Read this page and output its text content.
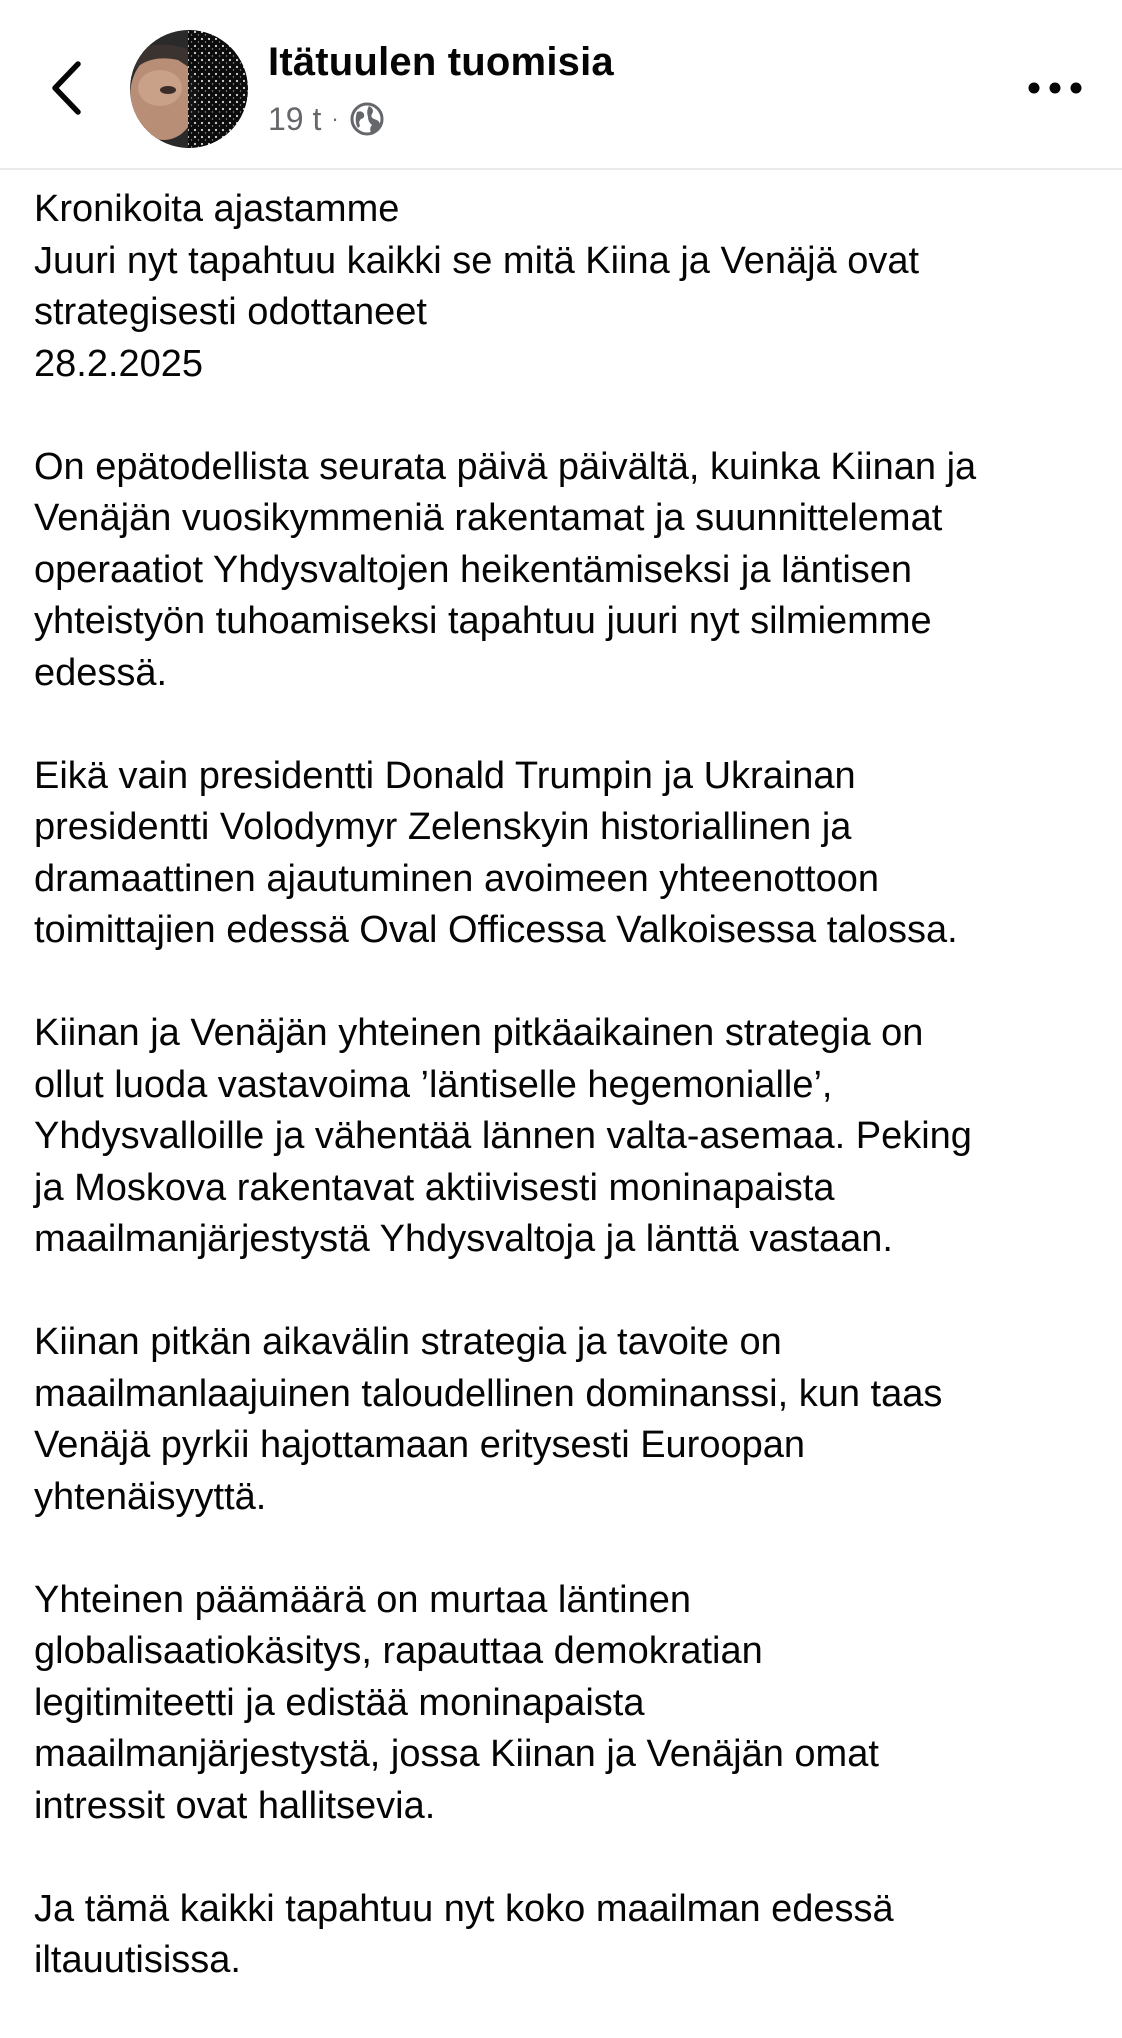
Itätuulen tuomisia
19 t ·

Kronikoita ajastamme
Juuri nyt tapahtuu kaikki se mitä Kiina ja Venäjä ovat
strategisesti odottaneet
28.2.2025

On epätodellista seurata päivä päivältä, kuinka Kiinan ja
Venäjän vuosikymmeniä rakentamat ja suunnittelemat
operaatiot Yhdysvaltojen heikentämiseksi ja läntisen
yhteistyön tuhoamiseksi tapahtuu juuri nyt silmiemme
edessä.

Eikä vain presidentti Donald Trumpin ja Ukrainan
presidentti Volodymyr Zelenskyin historiallinen ja
dramaattinen ajautuminen avoimeen yhteenottoon
toimittajien edessä Oval Officessa Valkoisessa talossa.

Kiinan ja Venäjän yhteinen pitkäaikainen strategia on
ollut luoda vastavoima ’läntiselle hegemonialle’,
Yhdysvalloille ja vähentää lännen valta-asemaa. Peking
ja Moskova rakentavat aktiivisesti moninapaista
maailmanjärjestystä Yhdysvaltoja ja länttä vastaan.

Kiinan pitkän aikavälin strategia ja tavoite on
maailmanlaajuinen taloudellinen dominanssi, kun taas
Venäjä pyrkii hajottamaan eritysesti Euroopan
yhtenäisyyttä.

Yhteinen päämäärä on murtaa läntinen
globalisaatiokäsitys, rapauttaa demokratian
legitimiteetti ja edistää moninapaista
maailmanjärjestystä, jossa Kiinan ja Venäjän omat
intressit ovat hallitsevia.

Ja tämä kaikki tapahtuu nyt koko maailman edessä
iltauutisissa.
